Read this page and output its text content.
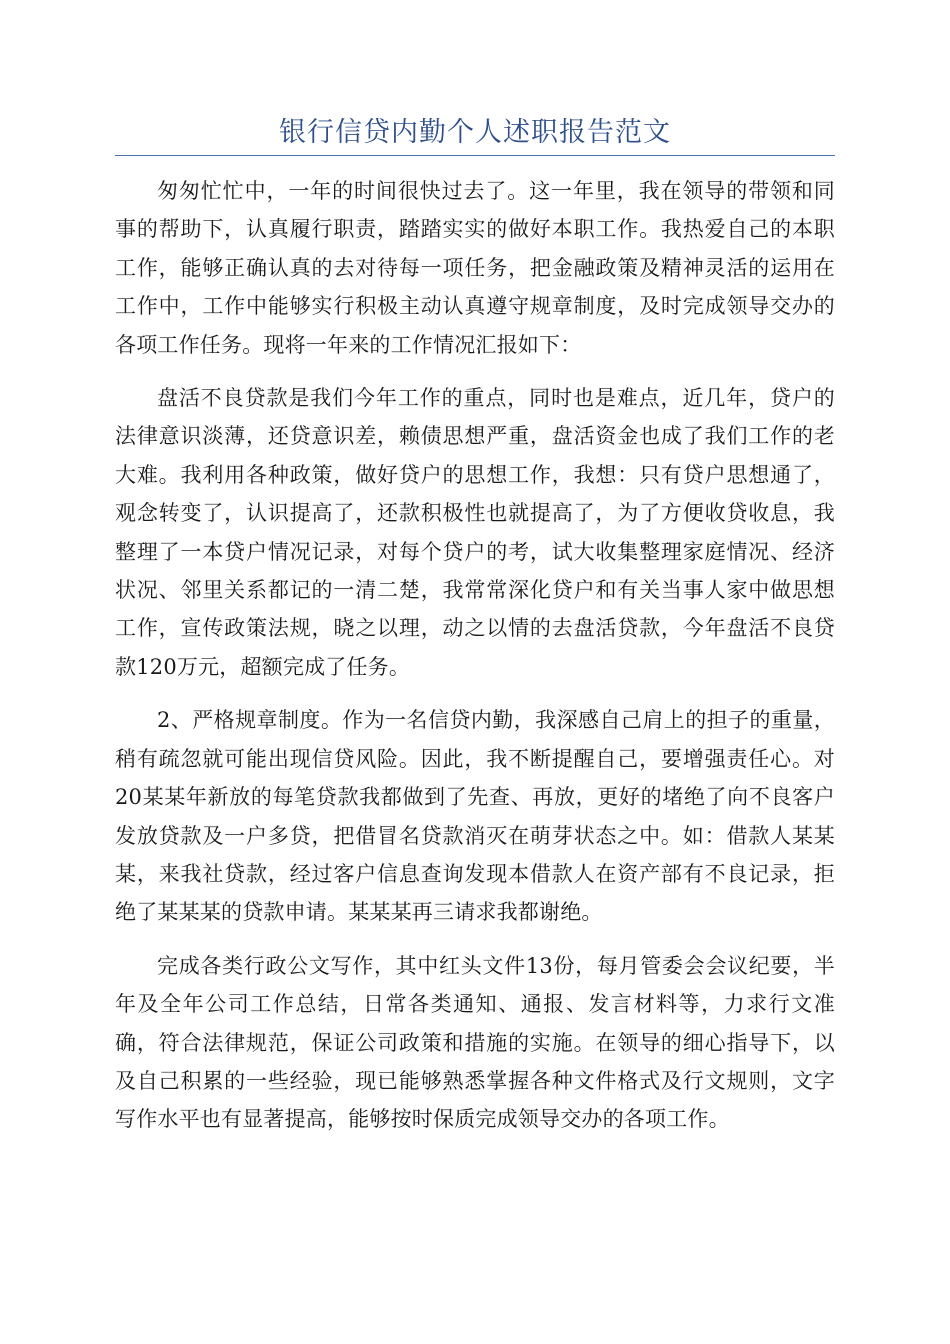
银行信贷内勤个人述职报告范文

匆匆忙忙中，一年的时间很快过去了。这一年里，我在领导的带领和同事的帮助下，认真履行职责，踏踏实实的做好本职工作。我热爱自己的本职工作，能够正确认真的去对待每一项任务，把金融政策及精神灵活的运用在工作中，工作中能够实行积极主动认真遵守规章制度，及时完成领导交办的各项工作任务。现将一年来的工作情况汇报如下：

盘活不良贷款是我们今年工作的重点，同时也是难点，近几年，贷户的法律意识淡薄，还贷意识差，赖债思想严重，盘活资金也成了我们工作的老大难。我利用各种政策，做好贷户的思想工作，我想：只有贷户思想通了，观念转变了，认识提高了，还款积极性也就提高了，为了方便收贷收息，我整理了一本贷户情况记录，对每个贷户的考，试大收集整理家庭情况、经济状况、邻里关系都记的一清二楚，我常常深化贷户和有关当事人家中做思想工作，宣传政策法规，晓之以理，动之以情的去盘活贷款，今年盘活不良贷款120万元，超额完成了任务。

2、严格规章制度。作为一名信贷内勤，我深感自己肩上的担子的重量，稍有疏忽就可能出现信贷风险。因此，我不断提醒自己，要增强责任心。对20某某年新放的每笔贷款我都做到了先查、再放，更好的堵绝了向不良客户发放贷款及一户多贷，把借冒名贷款消灭在萌芽状态之中。如：借款人某某某，来我社贷款，经过客户信息查询发现本借款人在资产部有不良记录，拒绝了某某某的贷款申请。某某某再三请求我都谢绝。

完成各类行政公文写作，其中红头文件13份，每月管委会会议纪要，半年及全年公司工作总结，日常各类通知、通报、发言材料等，力求行文准确，符合法律规范，保证公司政策和措施的实施。在领导的细心指导下，以及自己积累的一些经验，现已能够熟悉掌握各种文件格式及行文规则，文字写作水平也有显著提高，能够按时保质完成领导交办的各项工作。
